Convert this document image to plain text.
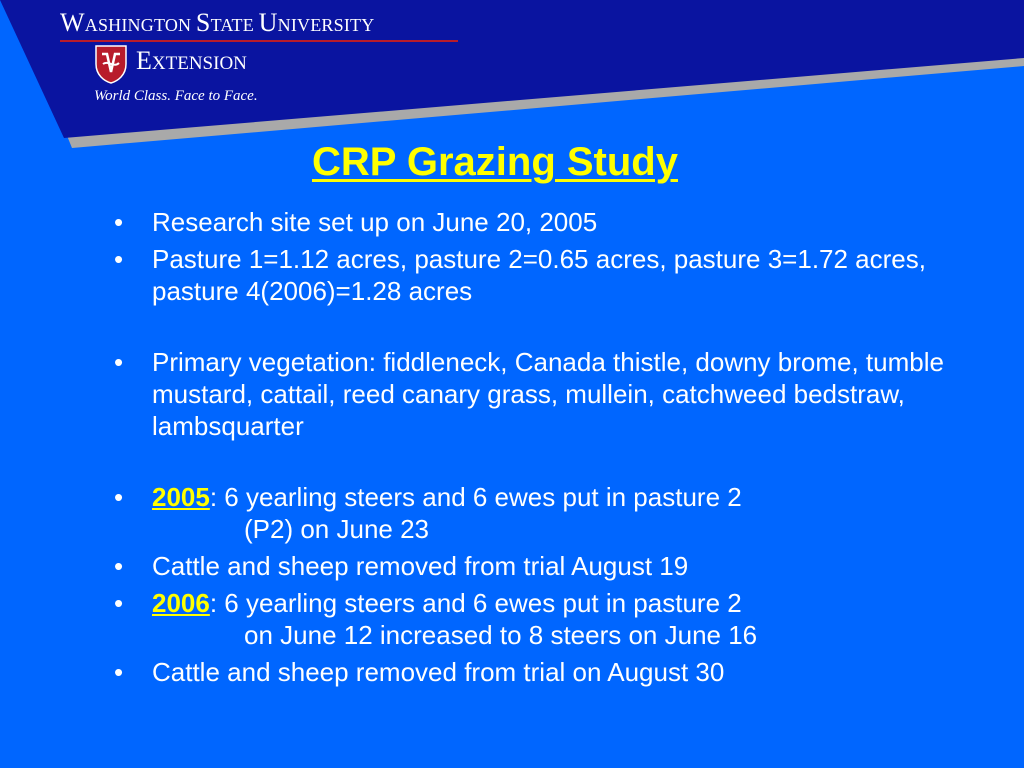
WASHINGTON STATE UNIVERSITY
EXTENSION
World Class. Face to Face.
CRP Grazing Study
• Research site set up on June 20, 2005
• Pasture 1=1.12 acres, pasture 2=0.65 acres, pasture 3=1.72 acres, pasture 4(2006)=1.28 acres
• Primary vegetation: fiddleneck, Canada thistle, downy brome, tumble mustard, cattail, reed canary grass, mullein, catchweed bedstraw, lambsquarter
• 2005: 6 yearling steers and 6 ewes put in pasture 2
(P2) on June 23
• Cattle and sheep removed from trial August 19
• 2006: 6 yearling steers and 6 ewes put in pasture 2
on June 12 increased to 8 steers on June 16
• Cattle and sheep removed from trial on August 30
